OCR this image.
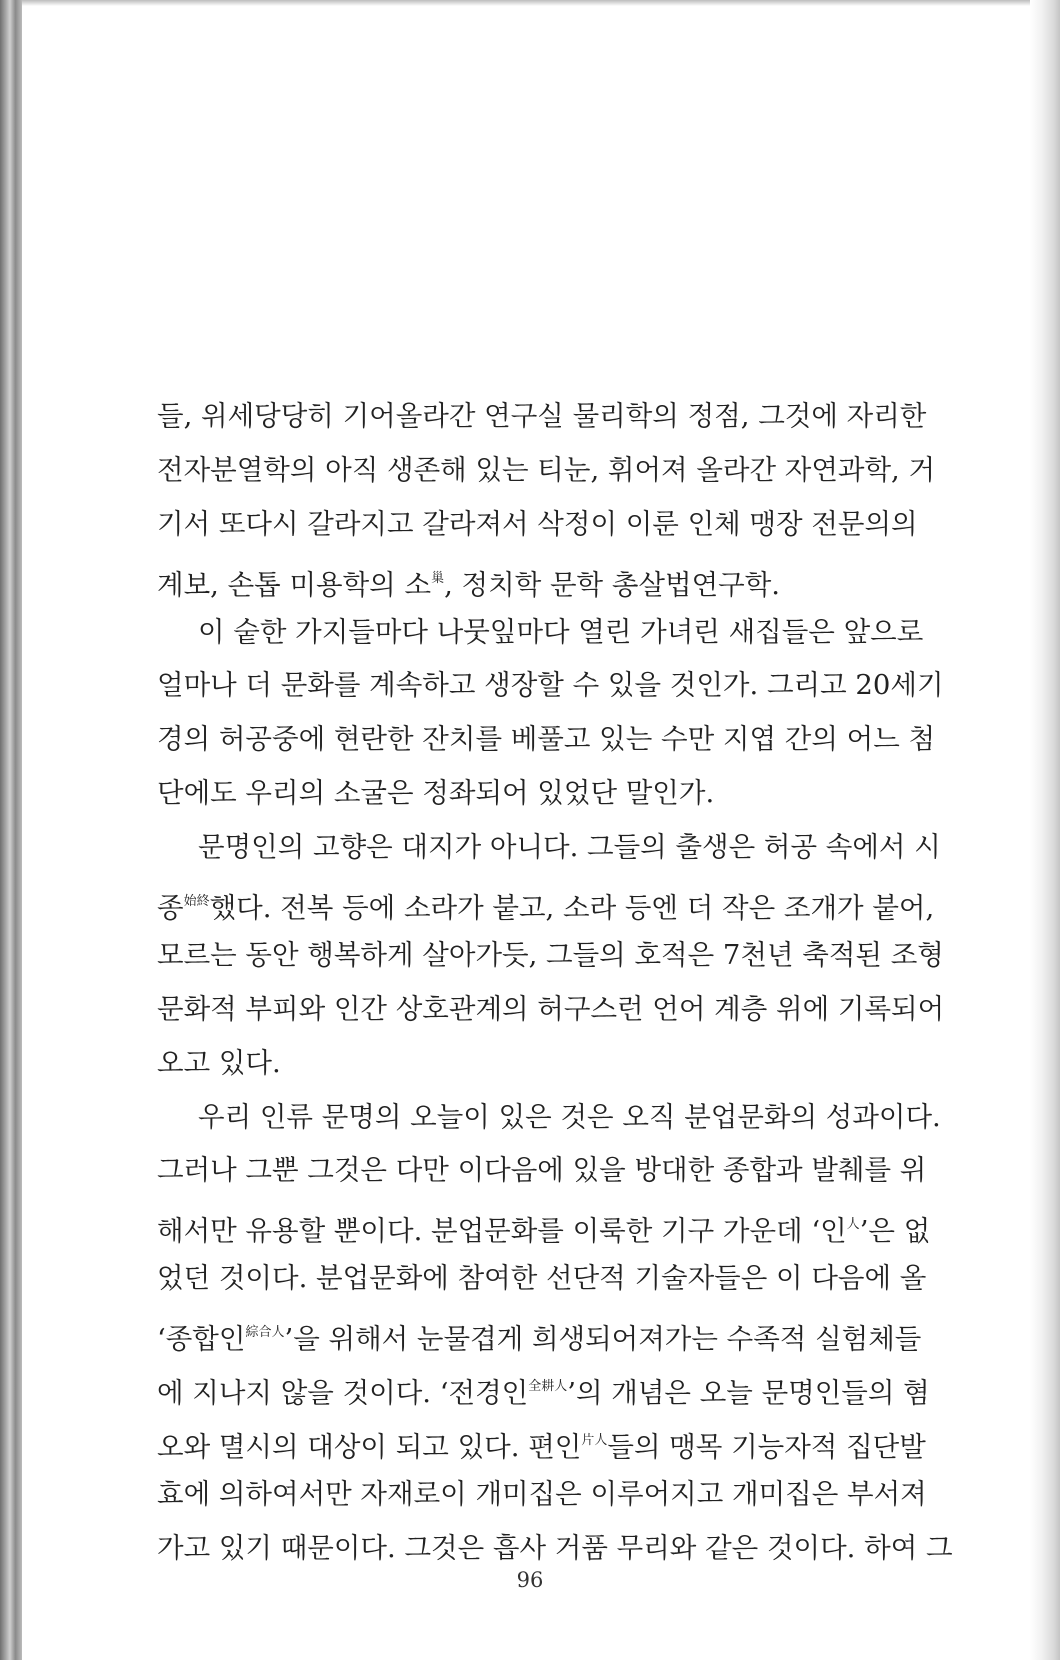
들, 위세당당히 기어올라간 연구실 물리학의 정점, 그것에 자리한
전자분열학의 아직 생존해 있는 티눈, 휘어져 올라간 자연과학, 거
기서 또다시 갈라지고 갈라져서 삭정이 이룬 인체 맹장 전문의의
계보, 손톱 미용학의 소$^巢$, 정치학 문학 총살법연구학.
이 숱한 가지들마다 나뭇잎마다 열린 가녀린 새집들은 앞으로
얼마나 더 문화를 계속하고 생장할 수 있을 것인가. 그리고 20세기
경의 허공중에 현란한 잔치를 베풀고 있는 수만 지엽 간의 어느 첨
단에도 우리의 소굴은 정좌되어 있었단 말인가.
문명인의 고향은 대지가 아니다. 그들의 출생은 허공 속에서 시
종$^{始終}$했다. 전복 등에 소라가 붙고, 소라 등엔 더 작은 조개가 붙어,
모르는 동안 행복하게 살아가듯, 그들의 호적은 7천년 축적된 조형
문화적 부피와 인간 상호관계의 허구스런 언어 계층 위에 기록되어
오고 있다.
우리 인류 문명의 오늘이 있은 것은 오직 분업문화의 성과이다.
그러나 그뿐 그것은 다만 이다음에 있을 방대한 종합과 발췌를 위
해서만 유용할 뿐이다. 분업문화를 이룩한 기구 가운데 ‘인$^人$’은 없
었던 것이다. 분업문화에 참여한 선단적 기술자들은 이 다음에 올
‘종합인$^{綜合人}$’을 위해서 눈물겹게 희생되어져가는 수족적 실험체들
에 지나지 않을 것이다. ‘전경인$^{全耕人}$’의 개념은 오늘 문명인들의 혐
오와 멸시의 대상이 되고 있다. 편인$^{片人}$들의 맹목 기능자적 집단발
효에 의하여서만 자재로이 개미집은 이루어지고 개미집은 부서져
가고 있기 때문이다. 그것은 흡사 거품 무리와 같은 것이다. 하여 그
96
